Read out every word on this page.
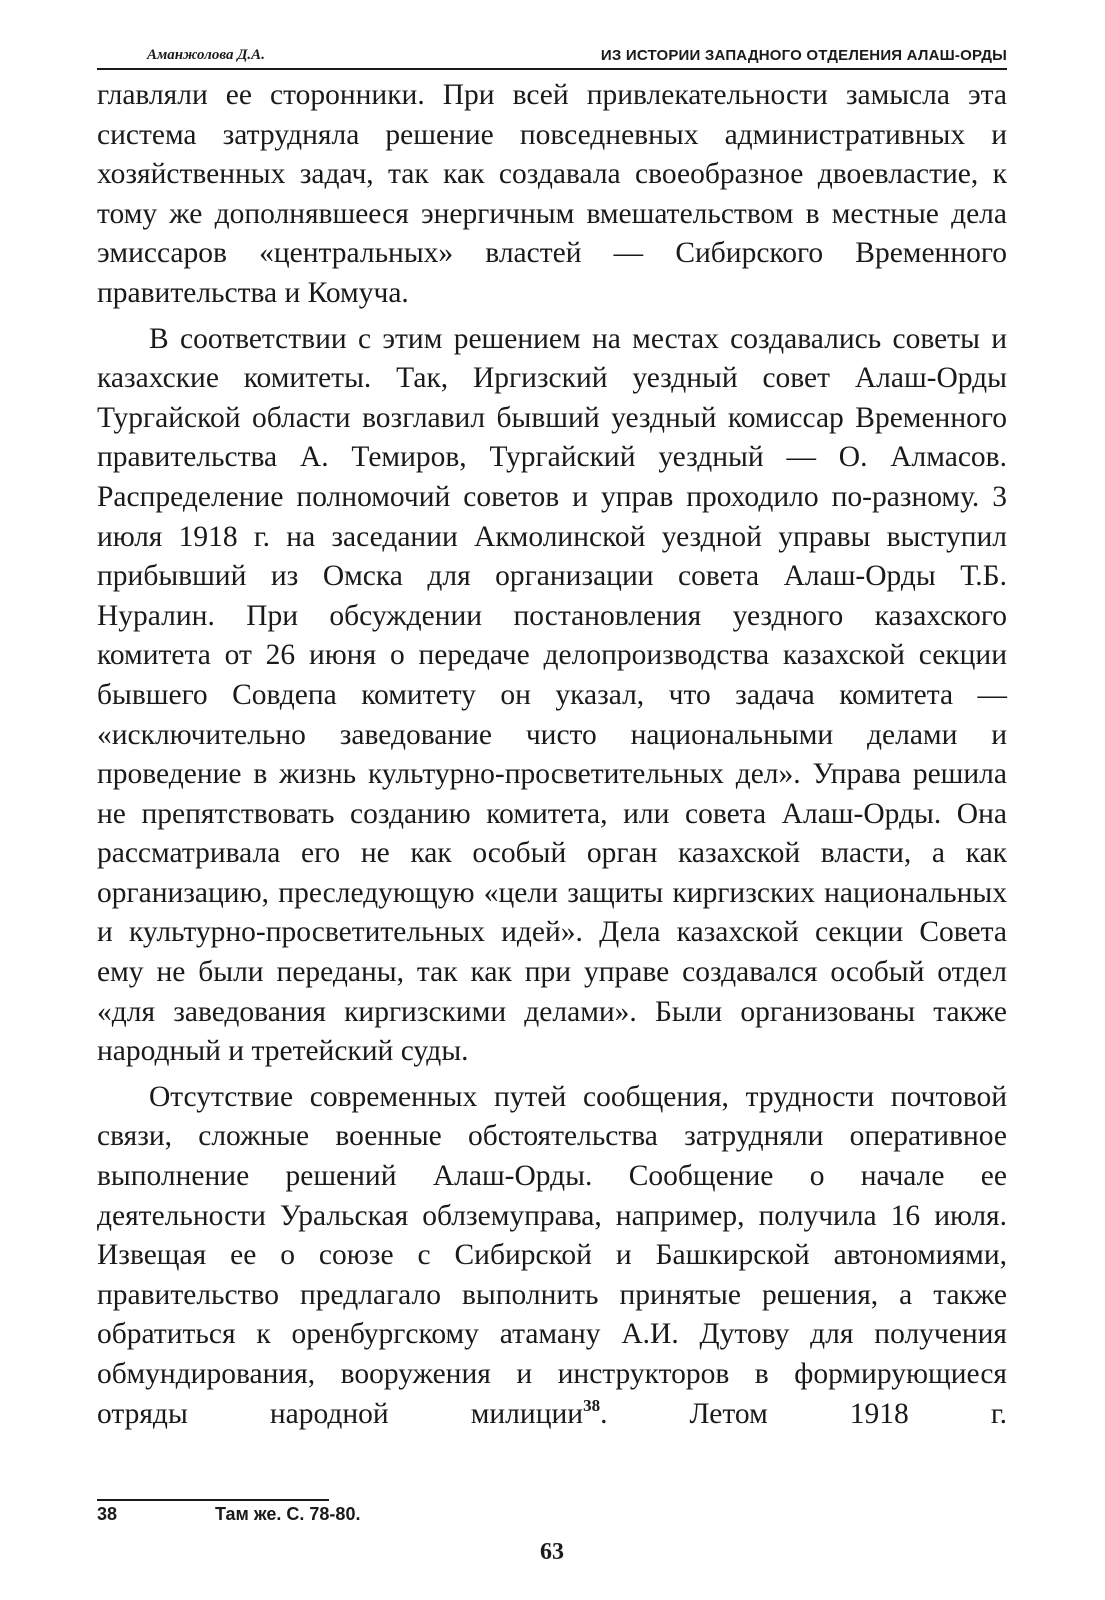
Аманжолова Д.А.	ИЗ ИСТОРИИ ЗАПАДНОГО ОТДЕЛЕНИЯ АЛАШ-ОРДЫ

главляли ее сторонники. При всей привлекательности замысла эта система затрудняла решение повседневных административных и хозяйственных задач, так как создавала своеобразное двоевластие, к тому же дополнявшееся энергичным вмешательством в местные дела эмиссаров «центральных» властей — Сибирского Временного правительства и Комуча.

В соответствии с этим решением на местах создавались советы и казахские комитеты. Так, Иргизский уездный совет Алаш-Орды Тургайской области возглавил бывший уездный комиссар Временного правительства А. Темиров, Тургайский уездный — О. Алмасов. Распределение полномочий советов и управ проходило по-разному. 3 июля 1918 г. на заседании Акмолинской уездной управы выступил прибывший из Омска для организации совета Алаш-Орды Т.Б. Нуралин. При обсуждении постановления уездного казахского комитета от 26 июня о передаче делопроизводства казахской секции бывшего Совдепа комитету он указал, что задача комитета — «исключительно заведование чисто национальными делами и проведение в жизнь культурно-просветительных дел». Управа решила не препятствовать созданию комитета, или совета Алаш-Орды. Она рассматривала его не как особый орган казахской власти, а как организацию, преследующую «цели защиты киргизских национальных и культурно-просветительных идей». Дела казахской секции Совета ему не были переданы, так как при управе создавался особый отдел «для заведования киргизскими делами». Были организованы также народный и третейский суды.

Отсутствие современных путей сообщения, трудности почтовой связи, сложные военные обстоятельства затрудняли оперативное выполнение решений Алаш-Орды. Сообщение о начале ее деятельности Уральская облземуправа, например, получила 16 июля. Извещая ее о союзе с Сибирской и Башкирской автономиями, правительство предлагало выполнить принятые решения, а также обратиться к оренбургскому атаману А.И. Дутову для получения обмундирования, вооружения и инструкторов в формирующиеся отряды народной милиции$^{38}$. Летом 1918 г.

38	Там же. С. 78-80.
63
